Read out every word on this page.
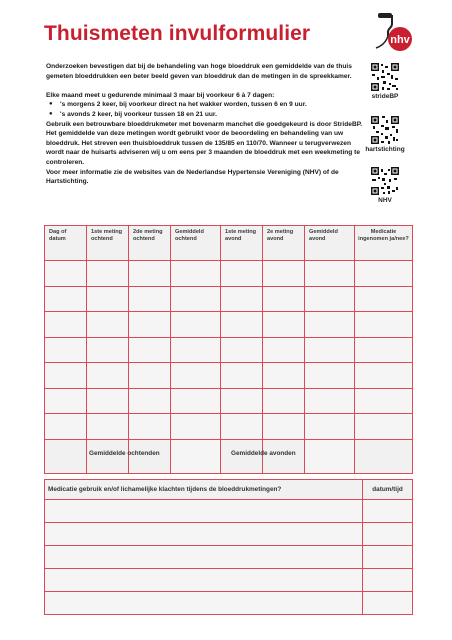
Thuismeten invulformulier	nhv

Onderzoeken bevestigen dat bij de behandeling van hoge bloeddruk een gemiddelde van de thuis gemeten bloeddrukken een beter beeld geven van bloeddruk dan de metingen in de spreekkamer.

Elke maand meet u gedurende minimaal 3 maar bij voorkeur 6 à 7 dagen:

● 's morgens 2 keer, bij voorkeur direct na het wakker worden, tussen 6 en 9 uur.
● 's avonds 2 keer, bij voorkeur tussen 18 en 21 uur.

Gebruik een betrouwbare bloeddrukmeter met bovenarm manchet die goedgekeurd is door StrideBP. Het gemiddelde van deze metingen wordt gebruikt voor de beoordeling en behandeling van uw bloeddruk. Het streven een thuisbloeddruk tussen de 135/85 en 110/70. Wanneer u terugverwezen wordt naar de huisarts adviseren wij u om eens per 3 maanden de bloeddruk met een weekmeting te controleren.

Voor meer informatie zie de websites van de Nederlandse Hypertensie Vereniging (NHV) of de Hartstichting.

strideBP
hartstichting
NHV
Dag of datum	1ste meting ochtend	2de meting ochtend	Gemiddeld ochtend	1ste meting avond	2e meting avond	Gemiddeld avond	Medicatie ingenomen ja/nee?

Gemiddelde ochtenden	Gemiddelde avonden
Medicatie gebruik en/of lichamelijke klachten tijdens de bloeddrukmetingen?	datum/tijd
